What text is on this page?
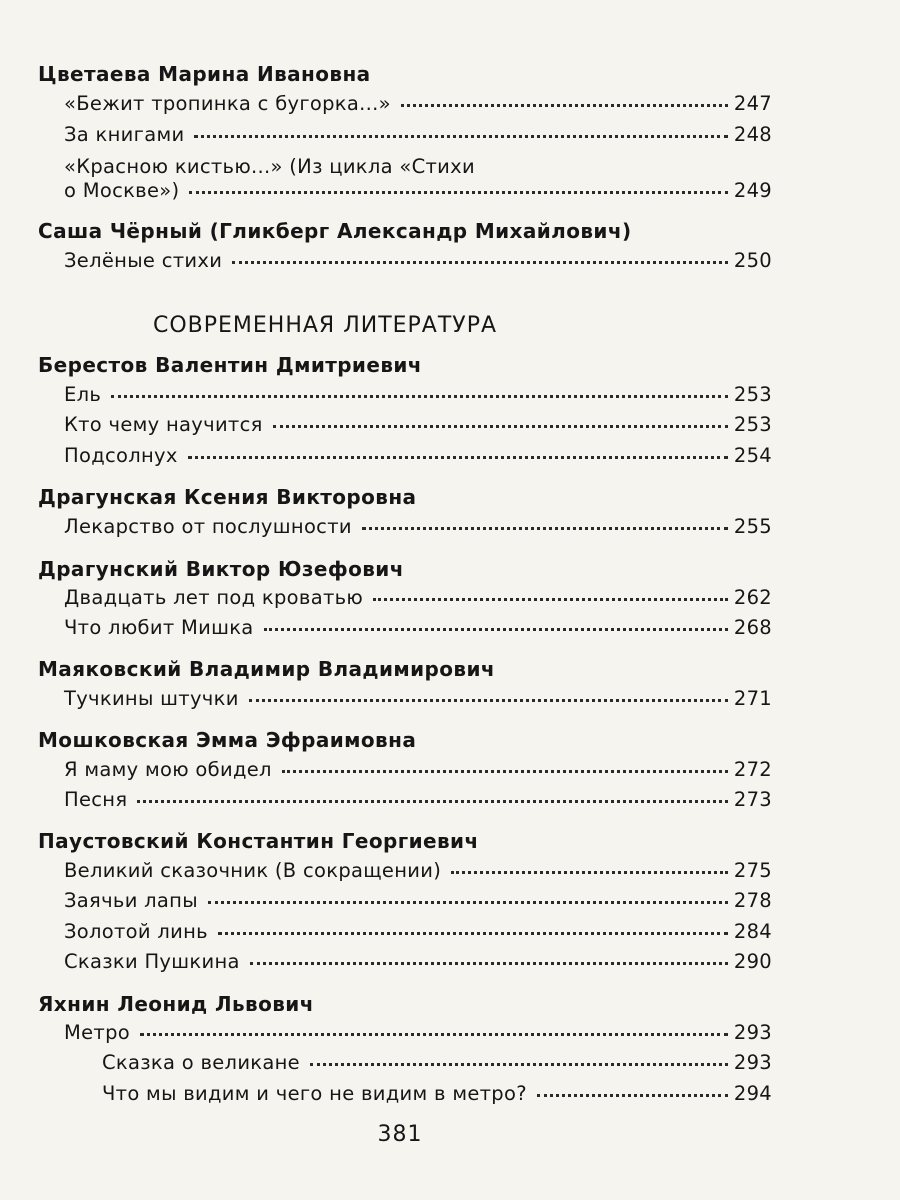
Цветаева Марина Ивановна
«Бежит тропинка с бугорка...»	247
За книгами	248
«Красною кистью...» (Из цикла «Стихи
о Москве»)	249
Саша Чёрный (Гликберг Александр Михайлович)
Зелёные стихи	250
СОВРЕМЕННАЯ ЛИТЕРАТУРА
Берестов Валентин Дмитриевич
Ель	253
Кто чему научится	253
Подсолнух	254
Драгунская Ксения Викторовна
Лекарство от послушности	255
Драгунский Виктор Юзефович
Двадцать лет под кроватью	262
Что любит Мишка	268
Маяковский Владимир Владимирович
Тучкины штучки	271
Мошковская Эмма Эфраимовна
Я маму мою обидел	272
Песня	273
Паустовский Константин Георгиевич
Великий сказочник (В сокращении)	275
Заячьи лапы	278
Золотой линь	284
Сказки Пушкина	290
Яхнин Леонид Львович
Метро	293
Сказка о великане	293
Что мы видим и чего не видим в метро?	294
381
